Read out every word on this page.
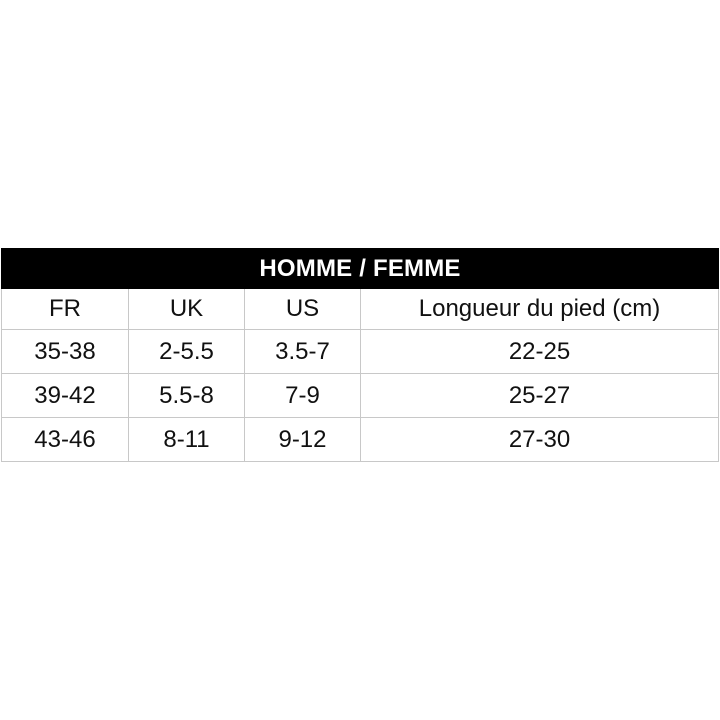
HOMME / FEMME			
FR	UK	US	Longueur du pied (cm)
35-38	2-5.5	3.5-7	22-25
39-42	5.5-8	7-9	25-27
43-46	8-11	9-12	27-30
